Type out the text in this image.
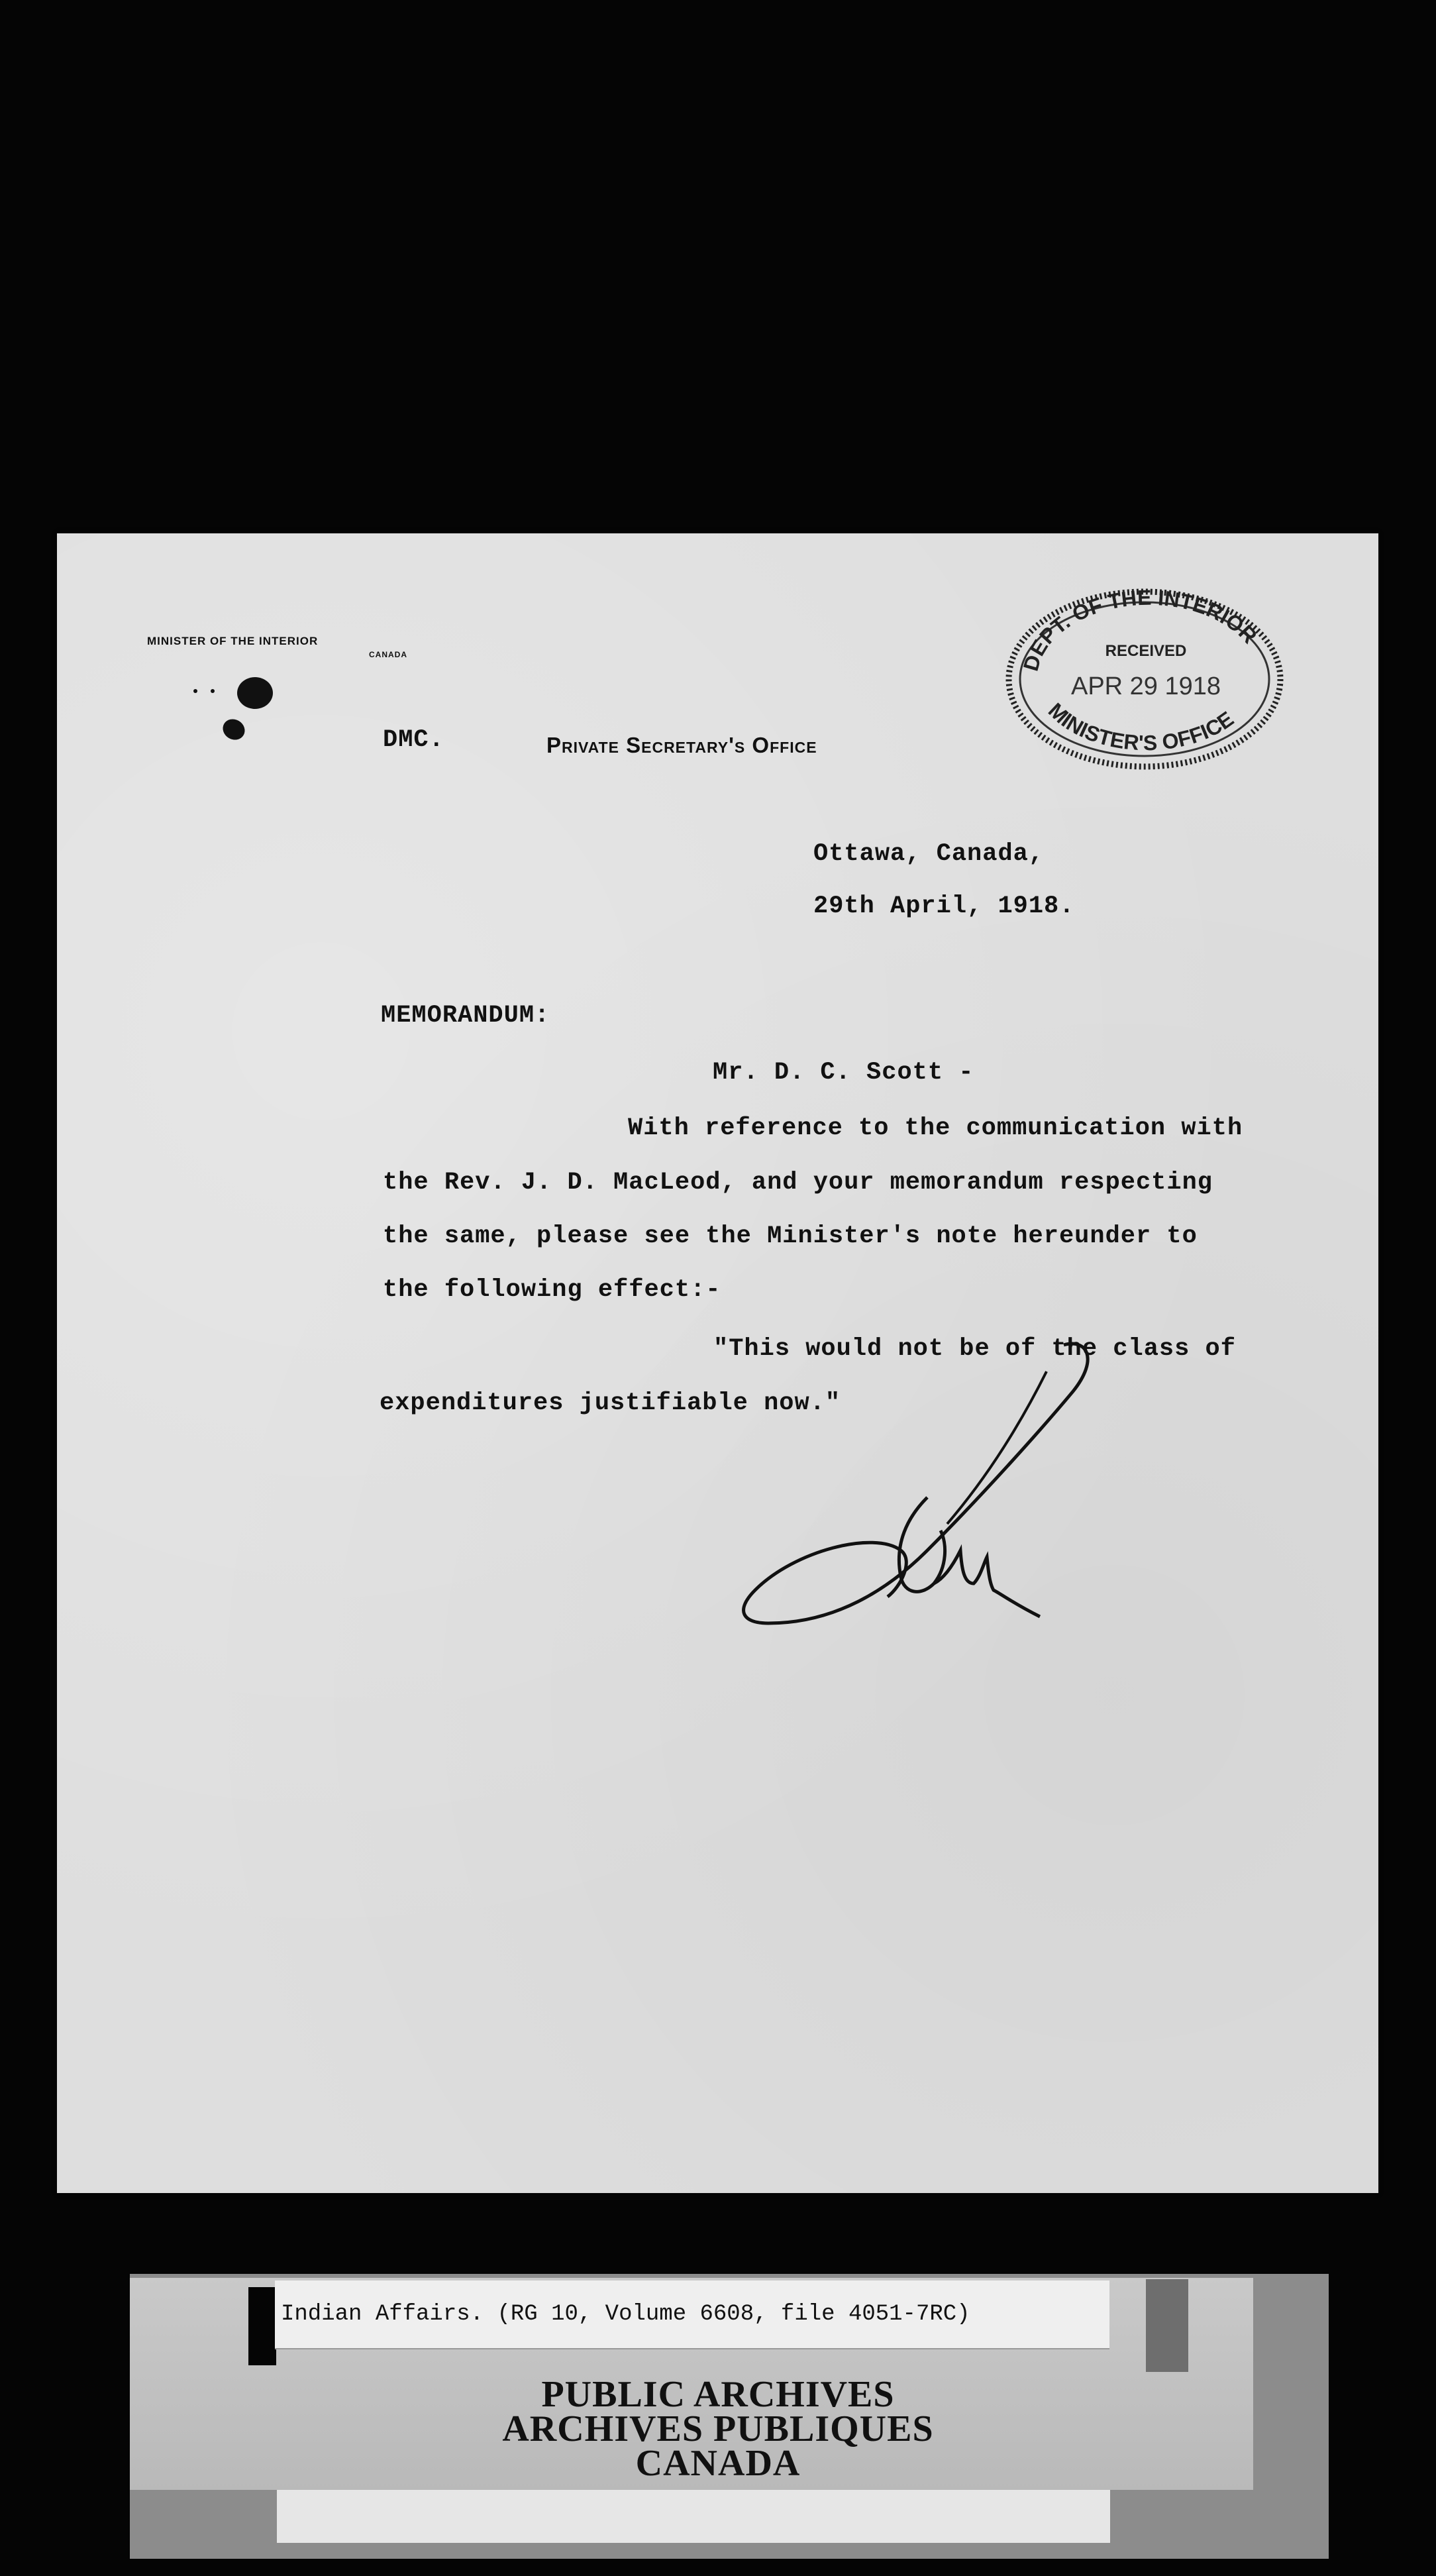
MINISTER OF THE INTERIOR
CANADA
Private Secretary's Office
DMC.
DEPT. OF THE INTERIOR
RECEIVED
APR 29 1918
MINISTER'S OFFICE
Ottawa, Canada,
29th April, 1918.
MEMORANDUM:
Mr. D. C. Scott -
With reference to the communication with
the Rev. J. D. MacLeod, and your memorandum respecting
the same, please see the Minister's note hereunder to
the following effect:-
"This would not be of the class of
expenditures justifiable now."
Indian Affairs. (RG 10, Volume 6608, file 4051-7RC)
PUBLIC ARCHIVES
ARCHIVES PUBLIQUES
CANADA
